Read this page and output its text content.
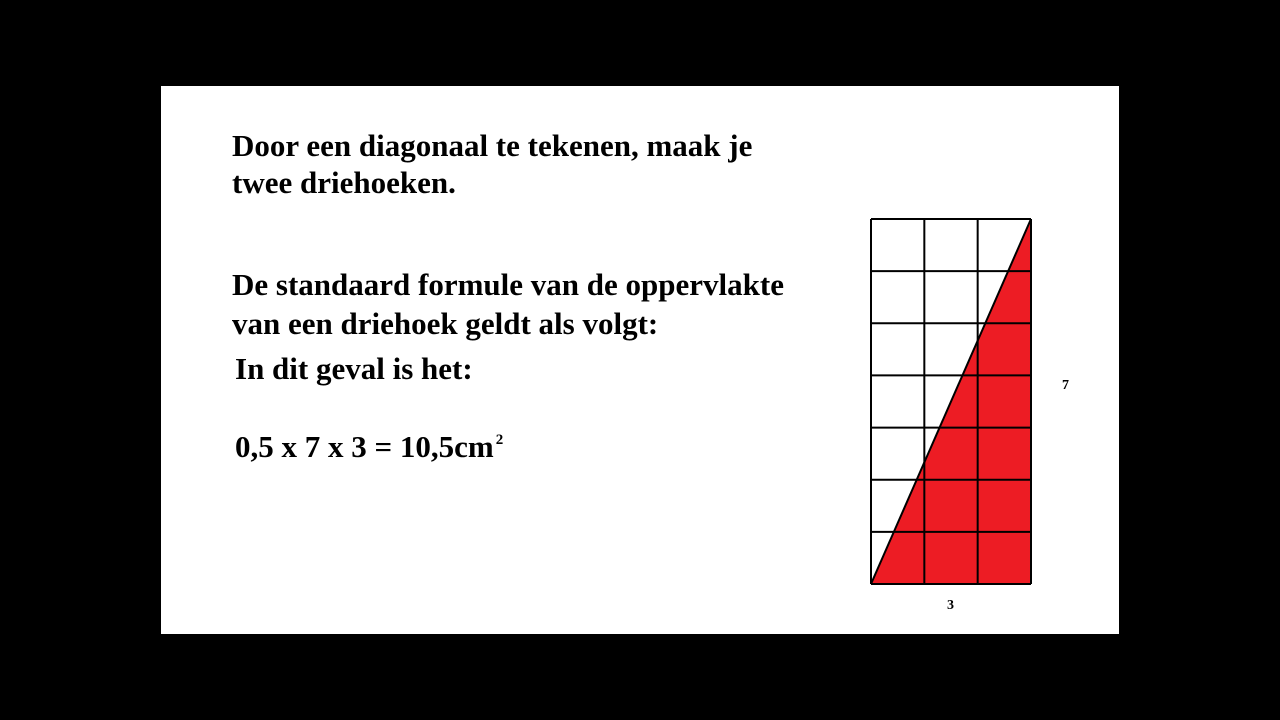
Door een diagonaal te tekenen, maak je
twee driehoeken.
De standaard formule van de oppervlakte
van een driehoek geldt als volgt:
In dit geval is het:
0,5 x 7 x 3 = 10,5cm $^2$
7
3
